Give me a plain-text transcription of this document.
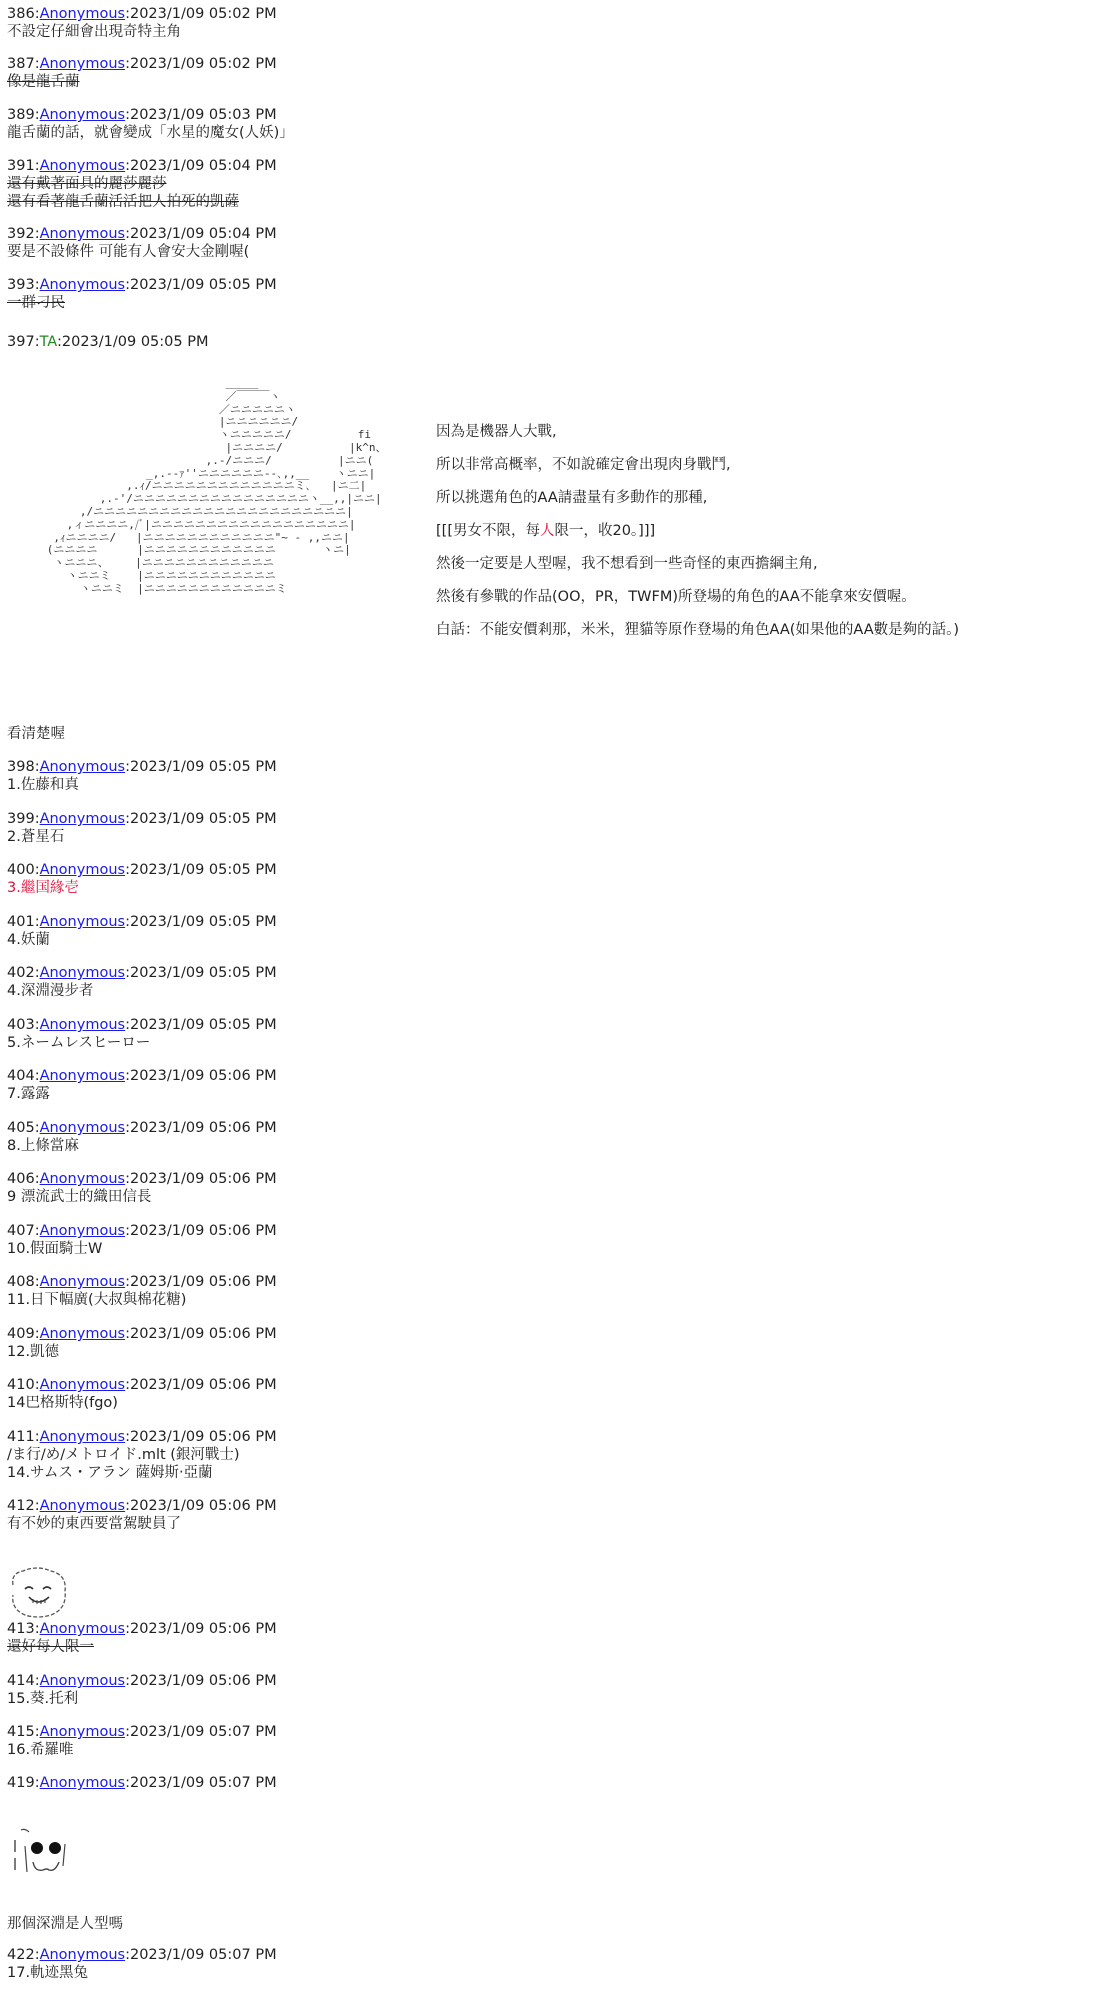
386:Anonymous:2023/1/09 05:02 PM
不設定仔細會出現奇特主角
387:Anonymous:2023/1/09 05:02 PM
像是龍舌蘭
389:Anonymous:2023/1/09 05:03 PM
龍舌蘭的話，就會變成「水星的魔女(人妖)」
391:Anonymous:2023/1/09 05:04 PM
還有戴著面具的麗莎麗莎
還有看著龍舌蘭活活把人拍死的凱薩
392:Anonymous:2023/1/09 05:04 PM
要是不設條件 可能有人會安大金剛喔(
393:Anonymous:2023/1/09 05:05 PM
一群刁民
397:TA:2023/1/09 05:05 PM
＿＿＿
／￣￣￣ヽ
／ニニニニニヽ
|ニニニニニニ/
ヽニニニニニ/          fi
|ニニニニ/          |k^n、
,.-/ニニニ/          |ニニ(
_,.-‐ｧ''ニニニニニニ-‐､,,__    ヽニニ|
,.ｨ/ニニニニニニニニニニニニニミ､   |ニ二|
,.‐'/ニニニニニニニニニニニニニニニニヽ__,,|ニニ|
,/ニニニニニニニニニニニニニニニニニニニニニニニ|
,ィニニニニ,/ﾞ|ニニニニニニニニニニニニニニニニニニ|
,ｨニニニニ/   |ニニニニニニニニニニニニ"~ ‐ ,,ニニ|
(ニニニニ      |ニニニニニニニニニニニニ       ヽニ|
ヽニニニ、    |ニニニニニニニニニニニニ
ヽニニミ    |ニニニニニニニニニニニニ
ヽニニミ  |ニニニニニニニニニニニニミ
因為是機器人大戰,
所以非常高概率，不如說確定會出現肉身戰鬥,
所以挑選角色的AA請盡量有多動作的那種,
[[[男女不限，每人限一，收20。]]]
然後一定要是人型喔，我不想看到一些奇怪的東西擔綱主角,
然後有參戰的作品(OO，PR，TWFM)所登場的角色的AA不能拿來安價喔。
白話：不能安價剎那，米米，狸貓等原作登場的角色AA(如果他的AA數是夠的話。)
看清楚喔
398:Anonymous:2023/1/09 05:05 PM
1.佐藤和真
399:Anonymous:2023/1/09 05:05 PM
2.蒼星石
400:Anonymous:2023/1/09 05:05 PM
3.繼国緣壱
401:Anonymous:2023/1/09 05:05 PM
4.妖蘭
402:Anonymous:2023/1/09 05:05 PM
4.深淵漫步者
403:Anonymous:2023/1/09 05:05 PM
5.ネームレスヒーロー
404:Anonymous:2023/1/09 05:06 PM
7.露露
405:Anonymous:2023/1/09 05:06 PM
8.上條當麻
406:Anonymous:2023/1/09 05:06 PM
9 漂流武士的織田信長
407:Anonymous:2023/1/09 05:06 PM
10.假面騎士W
408:Anonymous:2023/1/09 05:06 PM
11.日下幅廣(大叔與棉花糖)
409:Anonymous:2023/1/09 05:06 PM
12.凱德
410:Anonymous:2023/1/09 05:06 PM
14巴格斯特(fgo)
411:Anonymous:2023/1/09 05:06 PM
/ま行/め/メトロイド.mlt (銀河戰士)
14.サムス・アラン 薩姆斯‧亞蘭
412:Anonymous:2023/1/09 05:06 PM
有不妙的東西要當駕駛員了
413:Anonymous:2023/1/09 05:06 PM
還好每人限一
414:Anonymous:2023/1/09 05:06 PM
15.葵.托利
415:Anonymous:2023/1/09 05:07 PM
16.希羅唯
419:Anonymous:2023/1/09 05:07 PM
422:Anonymous:2023/1/09 05:07 PM
17.軌迹黑兔
那個深淵是人型嗎
